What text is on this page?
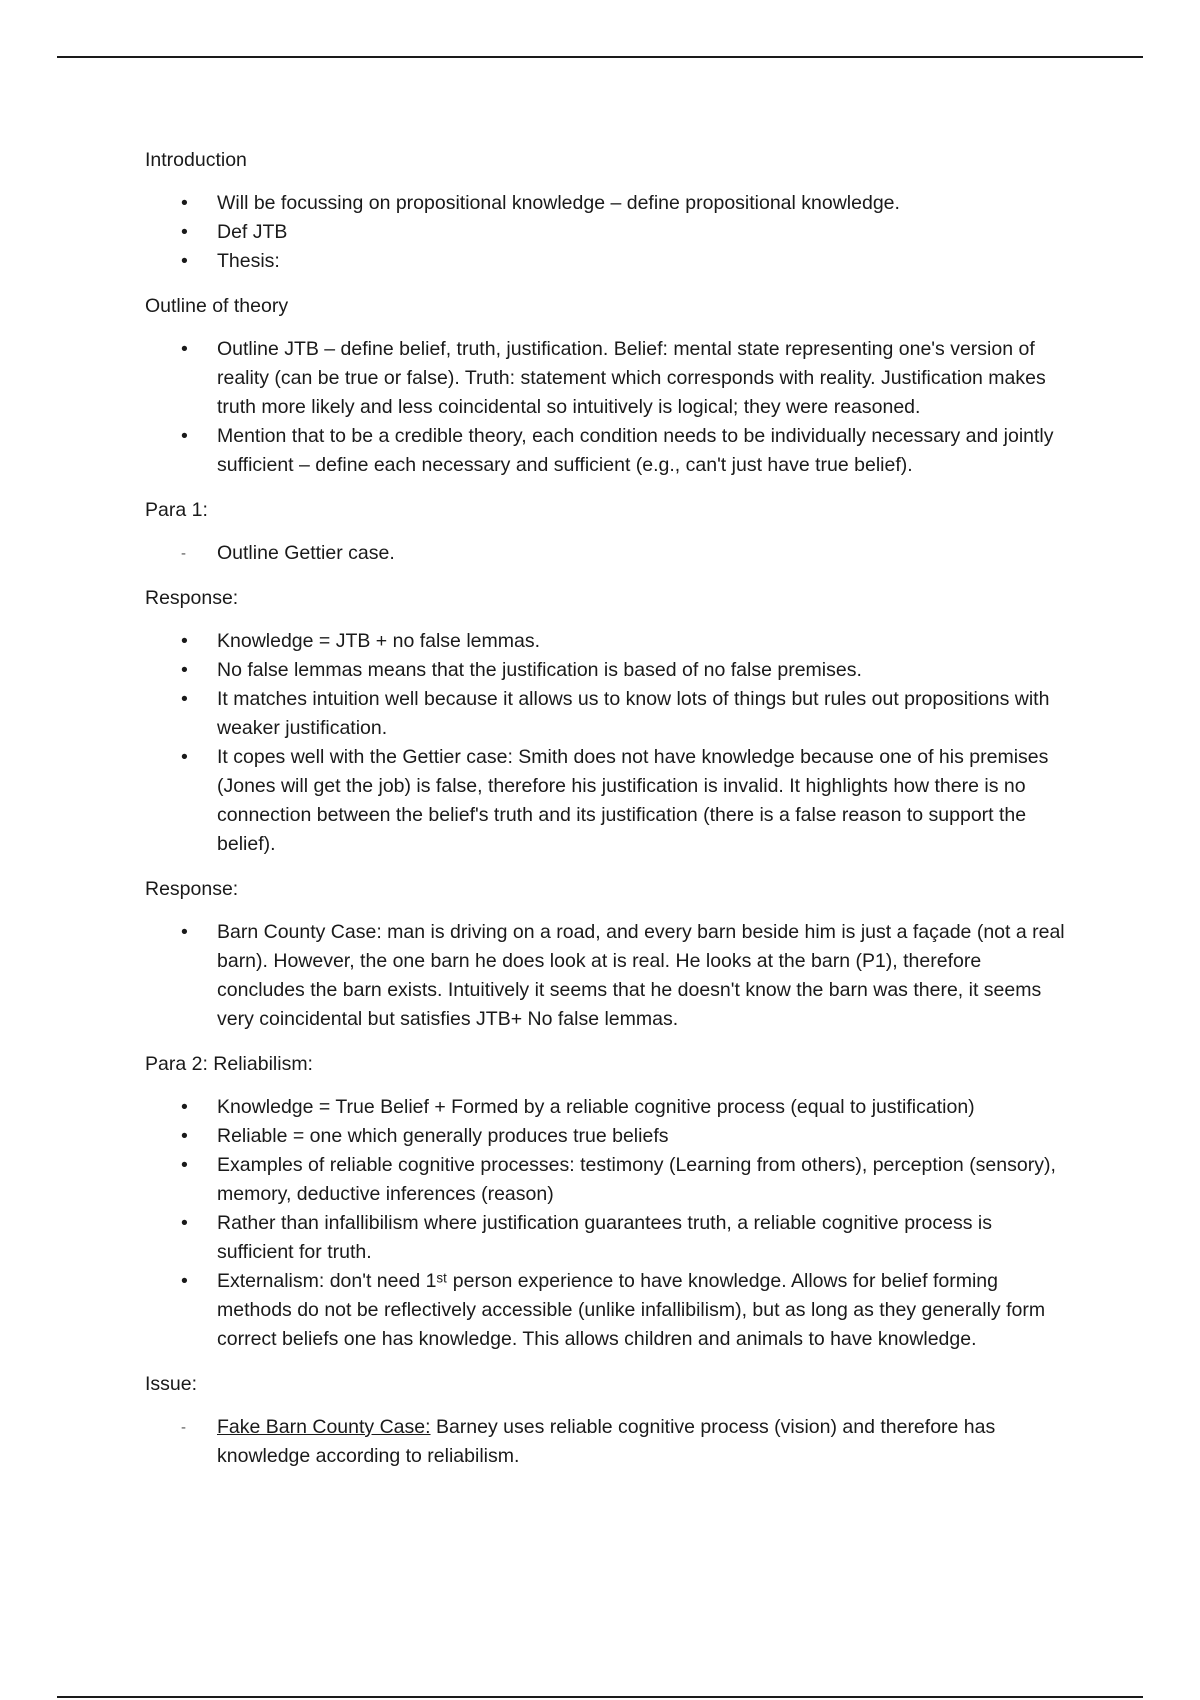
Introduction
•	Will be focussing on propositional knowledge – define propositional knowledge.
•	Def JTB
•	Thesis:
Outline of theory
•	Outline JTB – define belief, truth, justification. Belief: mental state representing one's version of reality (can be true or false). Truth: statement which corresponds with reality. Justification makes truth more likely and less coincidental so intuitively is logical; they were reasoned.
•	Mention that to be a credible theory, each condition needs to be individually necessary and jointly sufficient – define each necessary and sufficient (e.g., can't just have true belief).
Para 1:
-	Outline Gettier case.
Response:
•	Knowledge = JTB + no false lemmas.
•	No false lemmas means that the justification is based of no false premises.
•	It matches intuition well because it allows us to know lots of things but rules out propositions with weaker justification.
•	It copes well with the Gettier case: Smith does not have knowledge because one of his premises (Jones will get the job) is false, therefore his justification is invalid. It highlights how there is no connection between the belief's truth and its justification (there is a false reason to support the belief).
Response:
•	Barn County Case: man is driving on a road, and every barn beside him is just a façade (not a real barn). However, the one barn he does look at is real. He looks at the barn (P1), therefore concludes the barn exists. Intuitively it seems that he doesn't know the barn was there, it seems very coincidental but satisfies JTB+ No false lemmas.
Para 2: Reliabilism:
•	Knowledge = True Belief + Formed by a reliable cognitive process (equal to justification)
•	Reliable = one which generally produces true beliefs
•	Examples of reliable cognitive processes: testimony (Learning from others), perception (sensory), memory, deductive inferences (reason)
•	Rather than infallibilism where justification guarantees truth, a reliable cognitive process is sufficient for truth.
•	Externalism: don't need 1ˢᵗ person experience to have knowledge. Allows for belief forming methods do not be reflectively accessible (unlike infallibilism), but as long as they generally form correct beliefs one has knowledge. This allows children and animals to have knowledge.
Issue:
-	Fake Barn County Case: Barney uses reliable cognitive process (vision) and therefore has knowledge according to reliabilism.
